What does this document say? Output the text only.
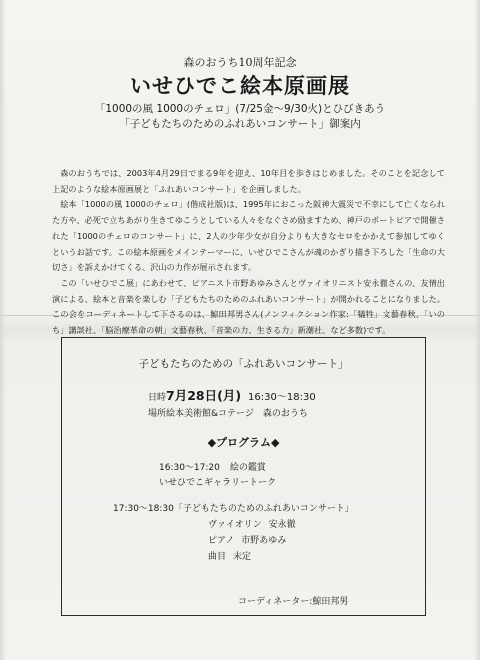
森のおうち10周年記念
いせひでこ絵本原画展
「1000の風 1000のチェロ」(7/25金〜9/30火)とひびきあう
「子どもたちのためのふれあいコンサート」御案内

森のおうちでは、2003年4月29日でまる9年を迎え、10年目を歩きはじめました。そのことを記念して上記のような絵本原画展と「ふれあいコンサート」を企画しました。

絵本「1000の風 1000のチェロ」(偕成社版)は、1995年におこった阪神大震災で不幸にして亡くなられた方や、必死で立ちあがり生きてゆこうとしている人々をなぐさめ励ますため、神戸のポートピアで開催された「1000のチェロのコンサート」に、2人の少年少女が自分よりも大きなセロをかかえて参加してゆくというお話です。この絵本原画をメインテーマーに、いせひでこさんが魂のかぎり描き下ろした「生命の大切さ」を訴えかけてくる、沢山の力作が展示されます。

この「いせひでこ展」にあわせて、ピアニスト市野あゆみさんとヴァイオリニスト安永徹さんの、友情出演による、絵本と音楽を楽しむ「子どもたちのためのふれあいコンサート」が開かれることになりました。この会をコーディネートして下さるのは、鯨田邦男さん(ノンフィクション作家:「犠牲」文藝春秋、「いのち」講談社、「脳治療革命の朝」文藝春秋、「音楽の力、生きる力」新潮社、など多数)です。

子どもたちのための「ふれあいコンサート」
日時7月28日(月) 16:30〜18:30
場所絵本美術館&コテージ　森のおうち
◆プログラム◆
16:30〜17:20 絵の鑑賞
いせひでこギャラリートーク
17:30〜18:30「子どもたちのためのふれあいコンサート」
ヴァイオリン 安永徹
ピアノ 市野あゆみ
曲目 未定
コーディネーター:鯨田邦男
